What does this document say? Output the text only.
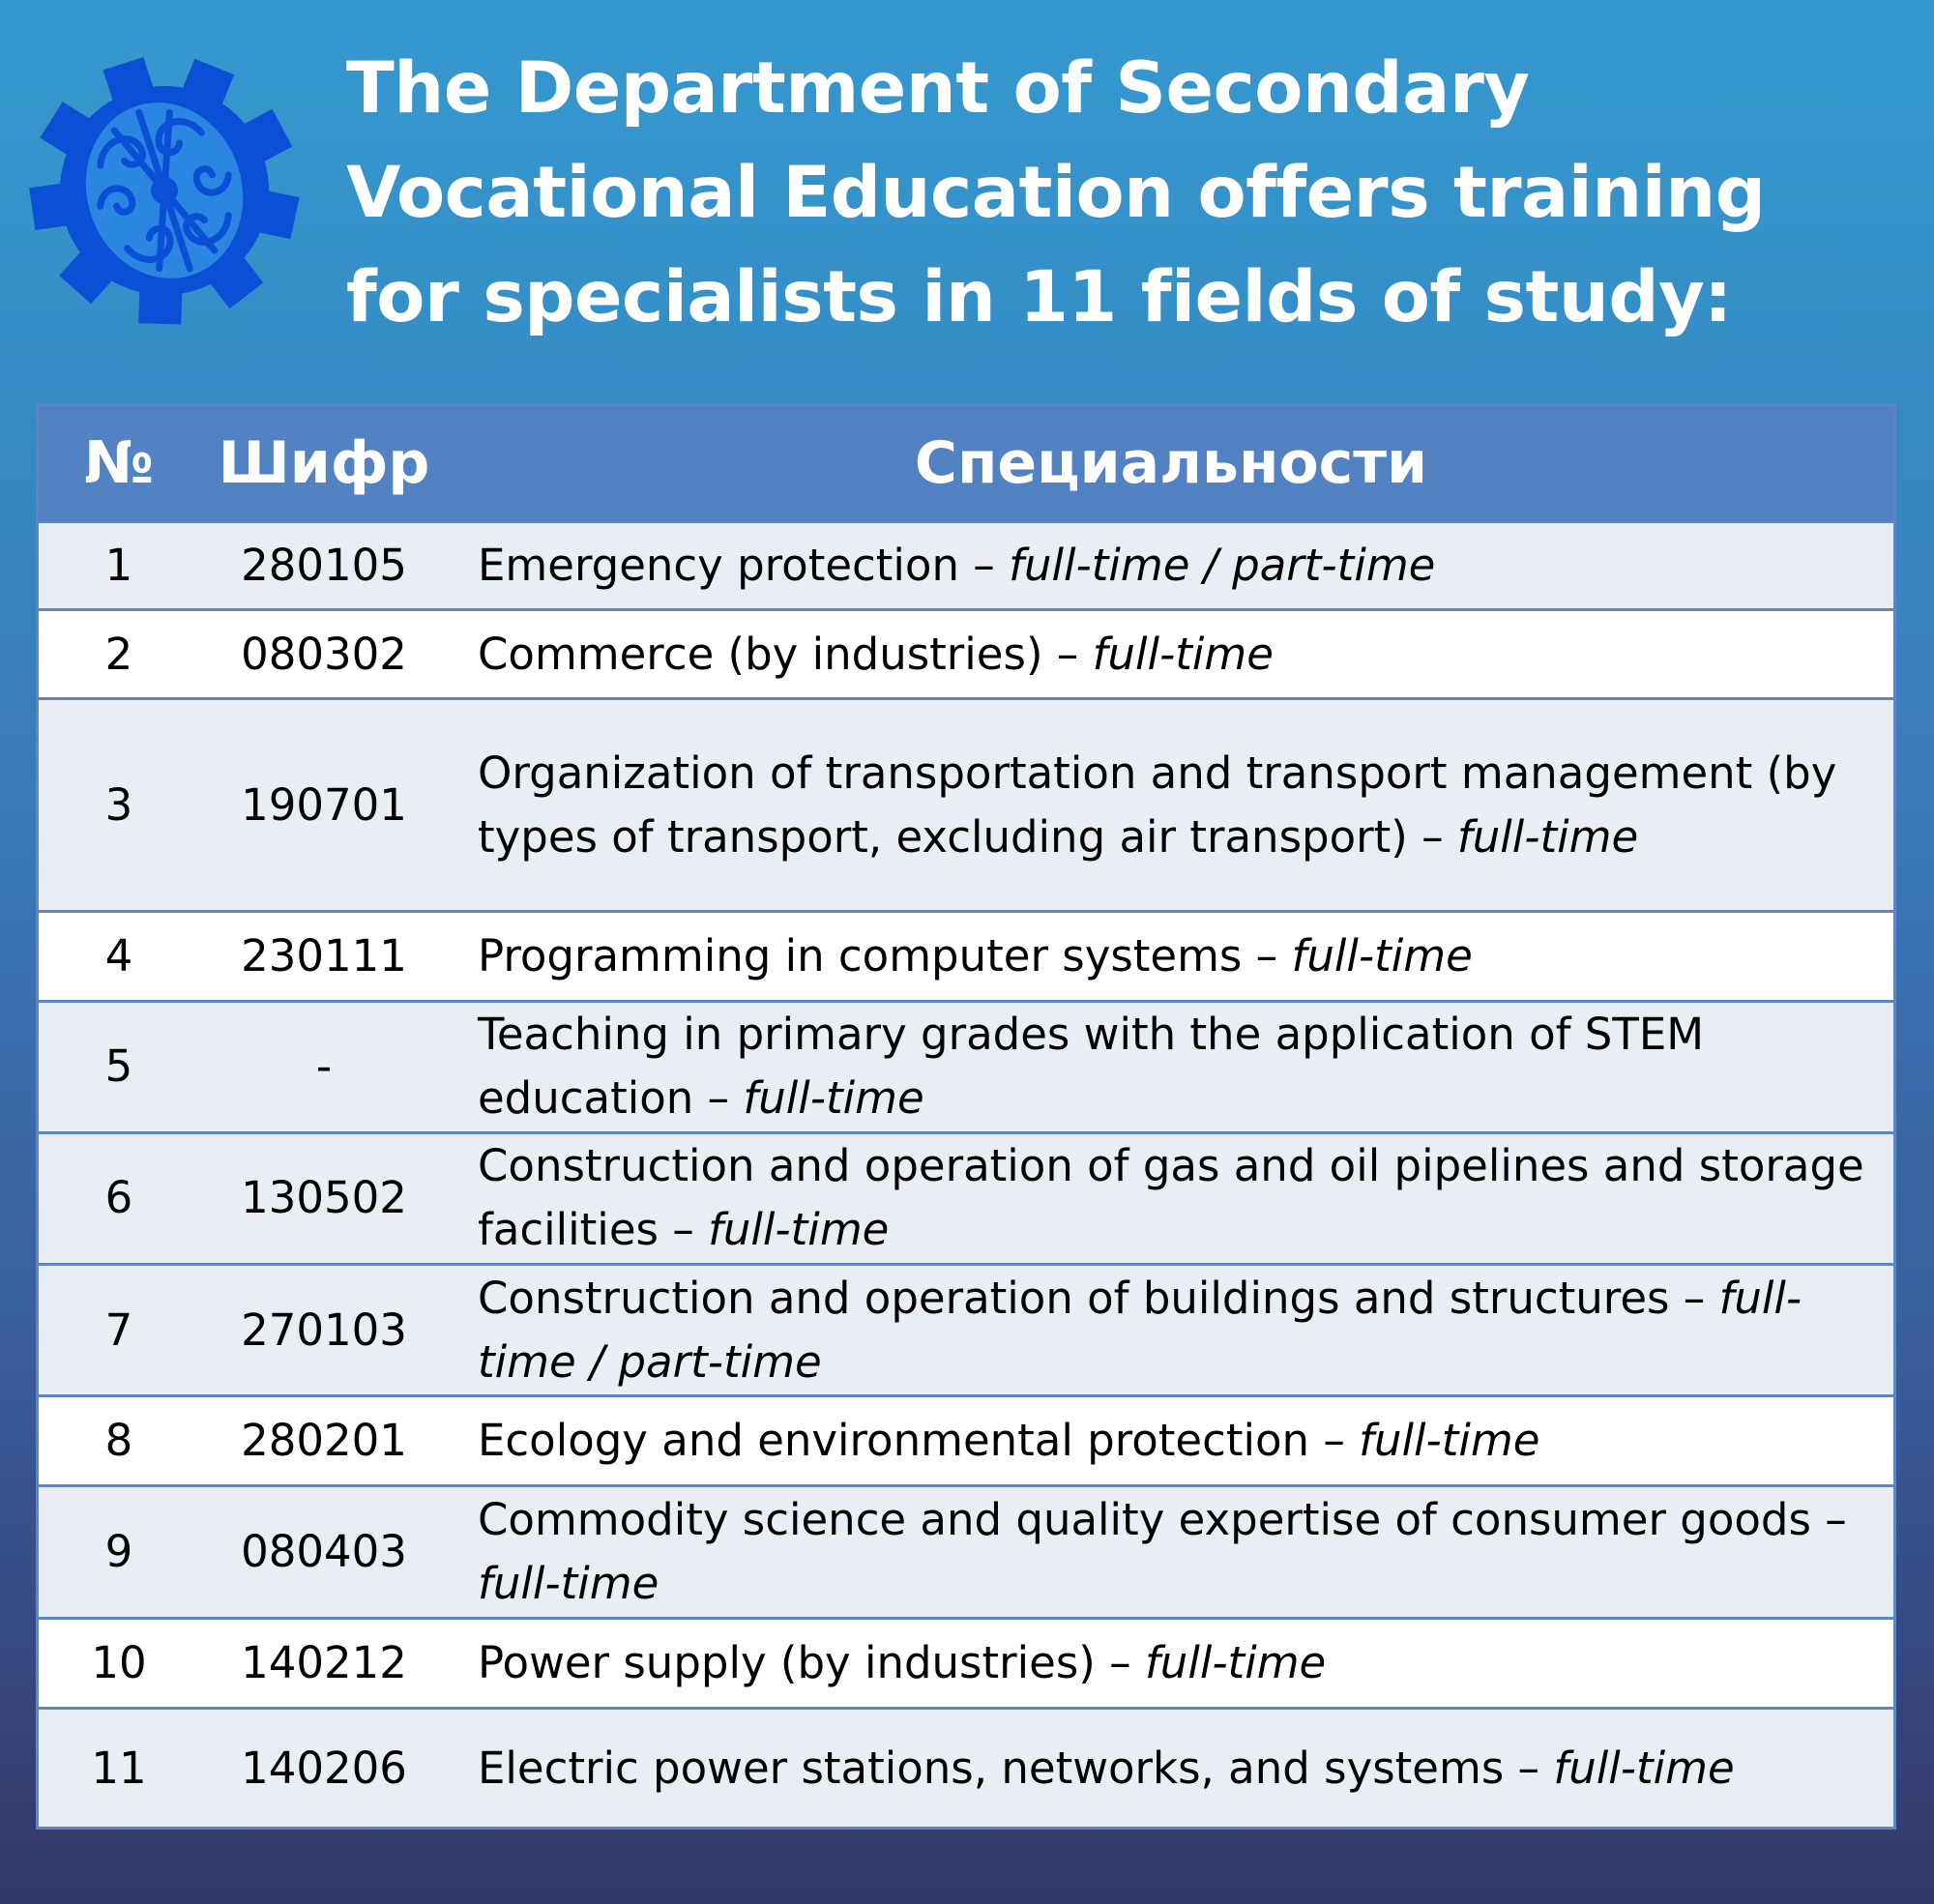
The Department of Secondary Vocational Education offers training for specialists in 11 fields of study:
№	Шифр	Специальности
1	280105	Emergency protection – full-time / part-time
2	080302	Commerce (by industries) – full-time
3	190701	Organization of transportation and transport management (by types of transport, excluding air transport) – full-time
4	230111	Programming in computer systems – full-time
5	-	Teaching in primary grades with the application of STEM education – full-time
6	130502	Construction and operation of gas and oil pipelines and storage facilities – full-time
7	270103	Construction and operation of buildings and structures – full-time / part-time
8	280201	Ecology and environmental protection – full-time
9	080403	Commodity science and quality expertise of consumer goods – full-time
10	140212	Power supply (by industries) – full-time
11	140206	Electric power stations, networks, and systems – full-time
